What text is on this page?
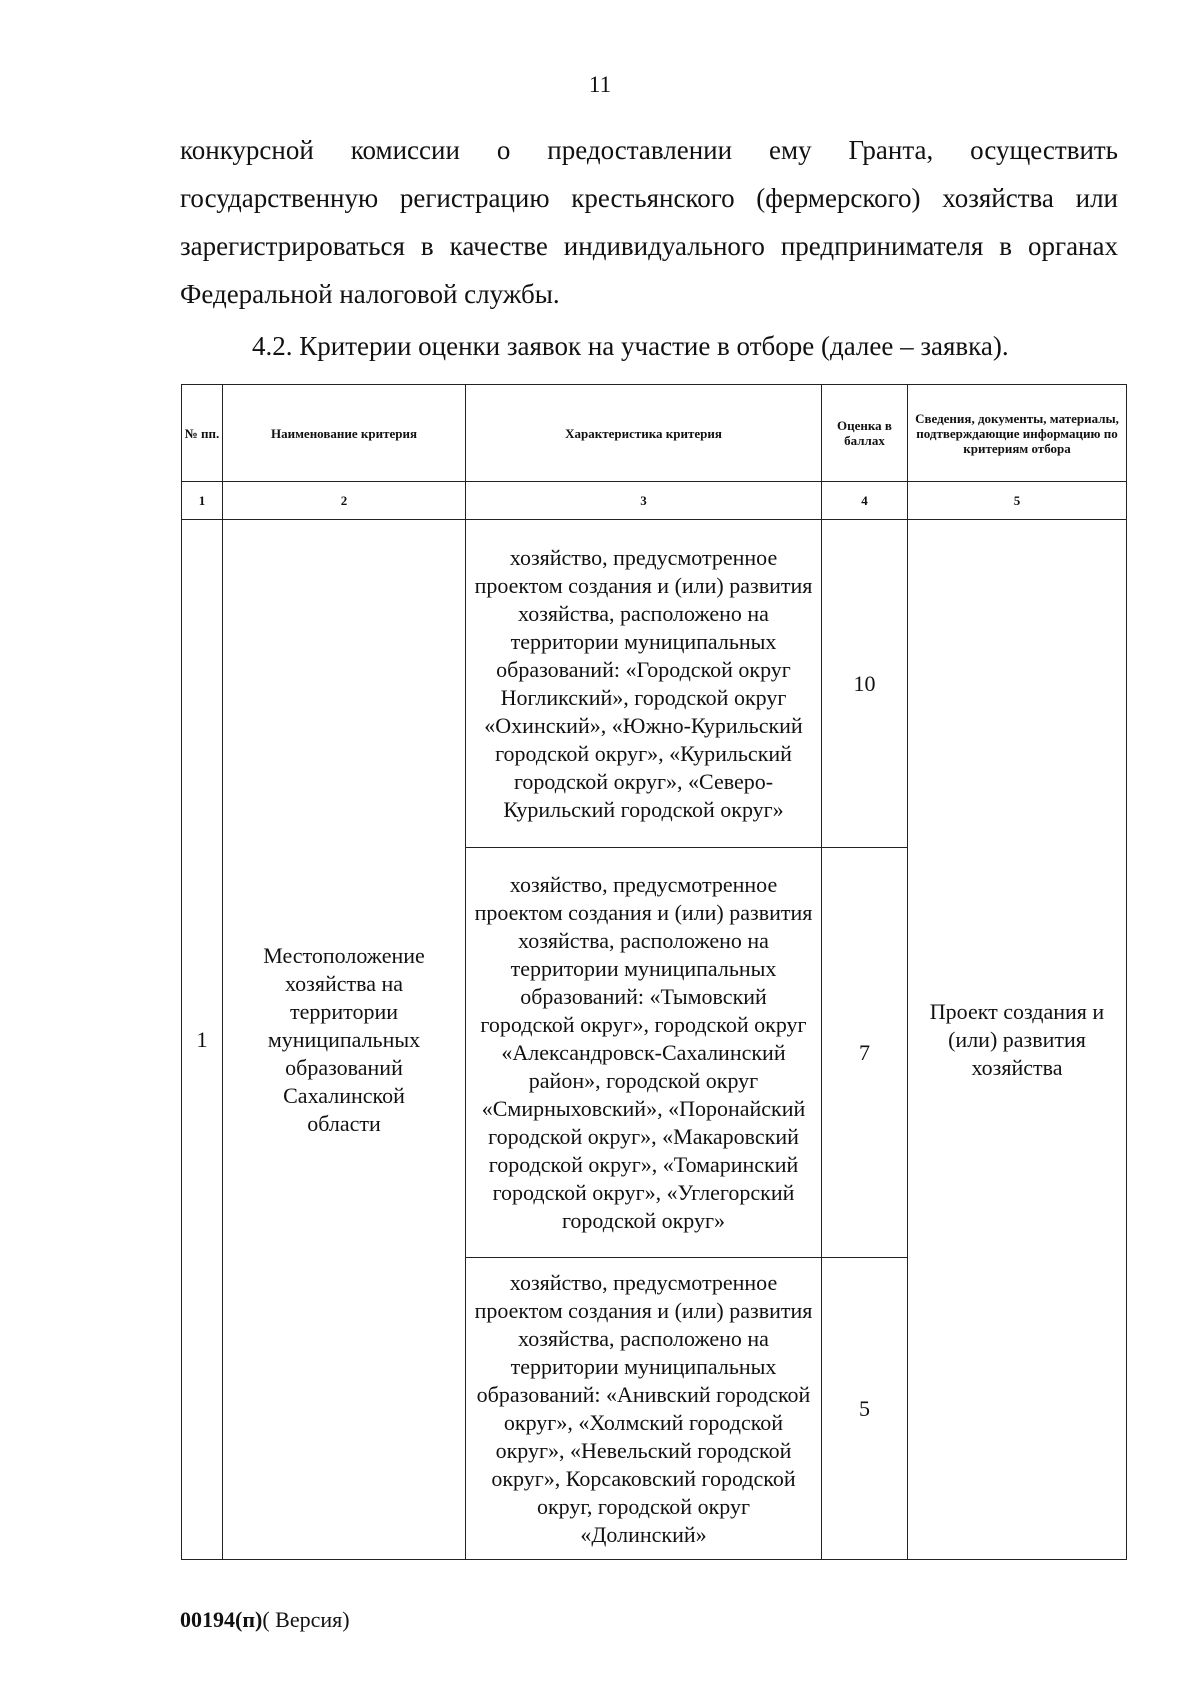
11
конкурсной комиссии о предоставлении ему Гранта, осуществить
государственную регистрацию крестьянского (фермерского) хозяйства или
зарегистрироваться в качестве индивидуального предпринимателя в органах
Федеральной налоговой службы.
4.2. Критерии оценки заявок на участие в отборе (далее – заявка).
№ пп.	Наименование критерия	Характеристика критерия	Оценка в баллах	Сведения, документы, материалы, подтверждающие информацию по критериям отбора
1	2	3	4	5
1	Местоположение хозяйства на территории муниципальных образований Сахалинской области	хозяйство, предусмотренное проектом создания и (или) развития хозяйства, расположено на территории муниципальных образований: «Городской округ Ногликский», городской округ «Охинский», «Южно-Курильский городской округ», «Курильский городской округ», «Северо-Курильский городской округ»	10	Проект создания и (или) развития хозяйства
		хозяйство, предусмотренное проектом создания и (или) развития хозяйства, расположено на территории муниципальных образований: «Тымовский городской округ», городской округ «Александровск-Сахалинский район», городской округ «Смирныховский», «Поронайский городской округ», «Макаровский городской округ», «Томаринский городской округ», «Углегорский городской округ»	7	
		хозяйство, предусмотренное проектом создания и (или) развития хозяйства, расположено на территории муниципальных образований: «Анивский городской округ», «Холмский городской округ», «Невельский городской округ», Корсаковский городской округ, городской округ «Долинский»	5	
00194(п)( Версия)
